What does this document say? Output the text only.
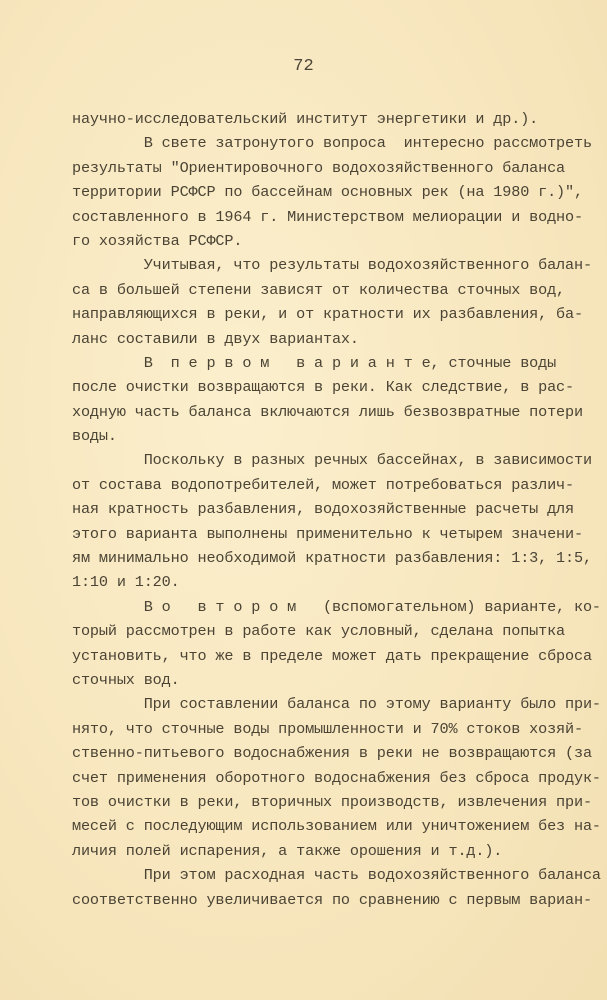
72
научно-исследовательский институт энергетики и др.).
В свете затронутого вопроса  интересно рассмотреть
результаты "Ориентировочного водохозяйственного баланса
территории РСФСР по бассейнам основных рек (на 1980 г.)",
составленного в 1964 г. Министерством мелиорации и водно-
го хозяйства РСФСР.
Учитывая, что результаты водохозяйственного балан-
са в большей степени зависят от количества сточных вод,
направляющихся в реки, и от кратности их разбавления, ба-
ланс составили в двух вариантах.
В  п е р в о м   в а р и а н т е, сточные воды
после очистки возвращаются в реки. Как следствие, в рас-
ходную часть баланса включаются лишь безвозвратные потери
воды.
Поскольку в разных речных бассейнах, в зависимости
от состава водопотребителей, может потребоваться различ-
ная кратность разбавления, водохозяйственные расчеты для
этого варианта выполнены применительно к четырем значени-
ям минимально необходимой кратности разбавления: 1:3, 1:5,
1:10 и 1:20.
В о   в т о р о м   (вспомогательном) варианте, ко-
торый рассмотрен в работе как условный, сделана попытка
установить, что же в пределе может дать прекращение сброса
сточных вод.
При составлении баланса по этому варианту было при-
нято, что сточные воды промышленности и 70% стоков хозяй-
ственно-питьевого водоснабжения в реки не возвращаются (за
счет применения оборотного водоснабжения без сброса продук-
тов очистки в реки, вторичных производств, извлечения при-
месей с последующим использованием или уничтожением без на-
личия полей испарения, а также орошения и т.д.).
При этом расходная часть водохозяйственного баланса
соответственно увеличивается по сравнению с первым вариан-
